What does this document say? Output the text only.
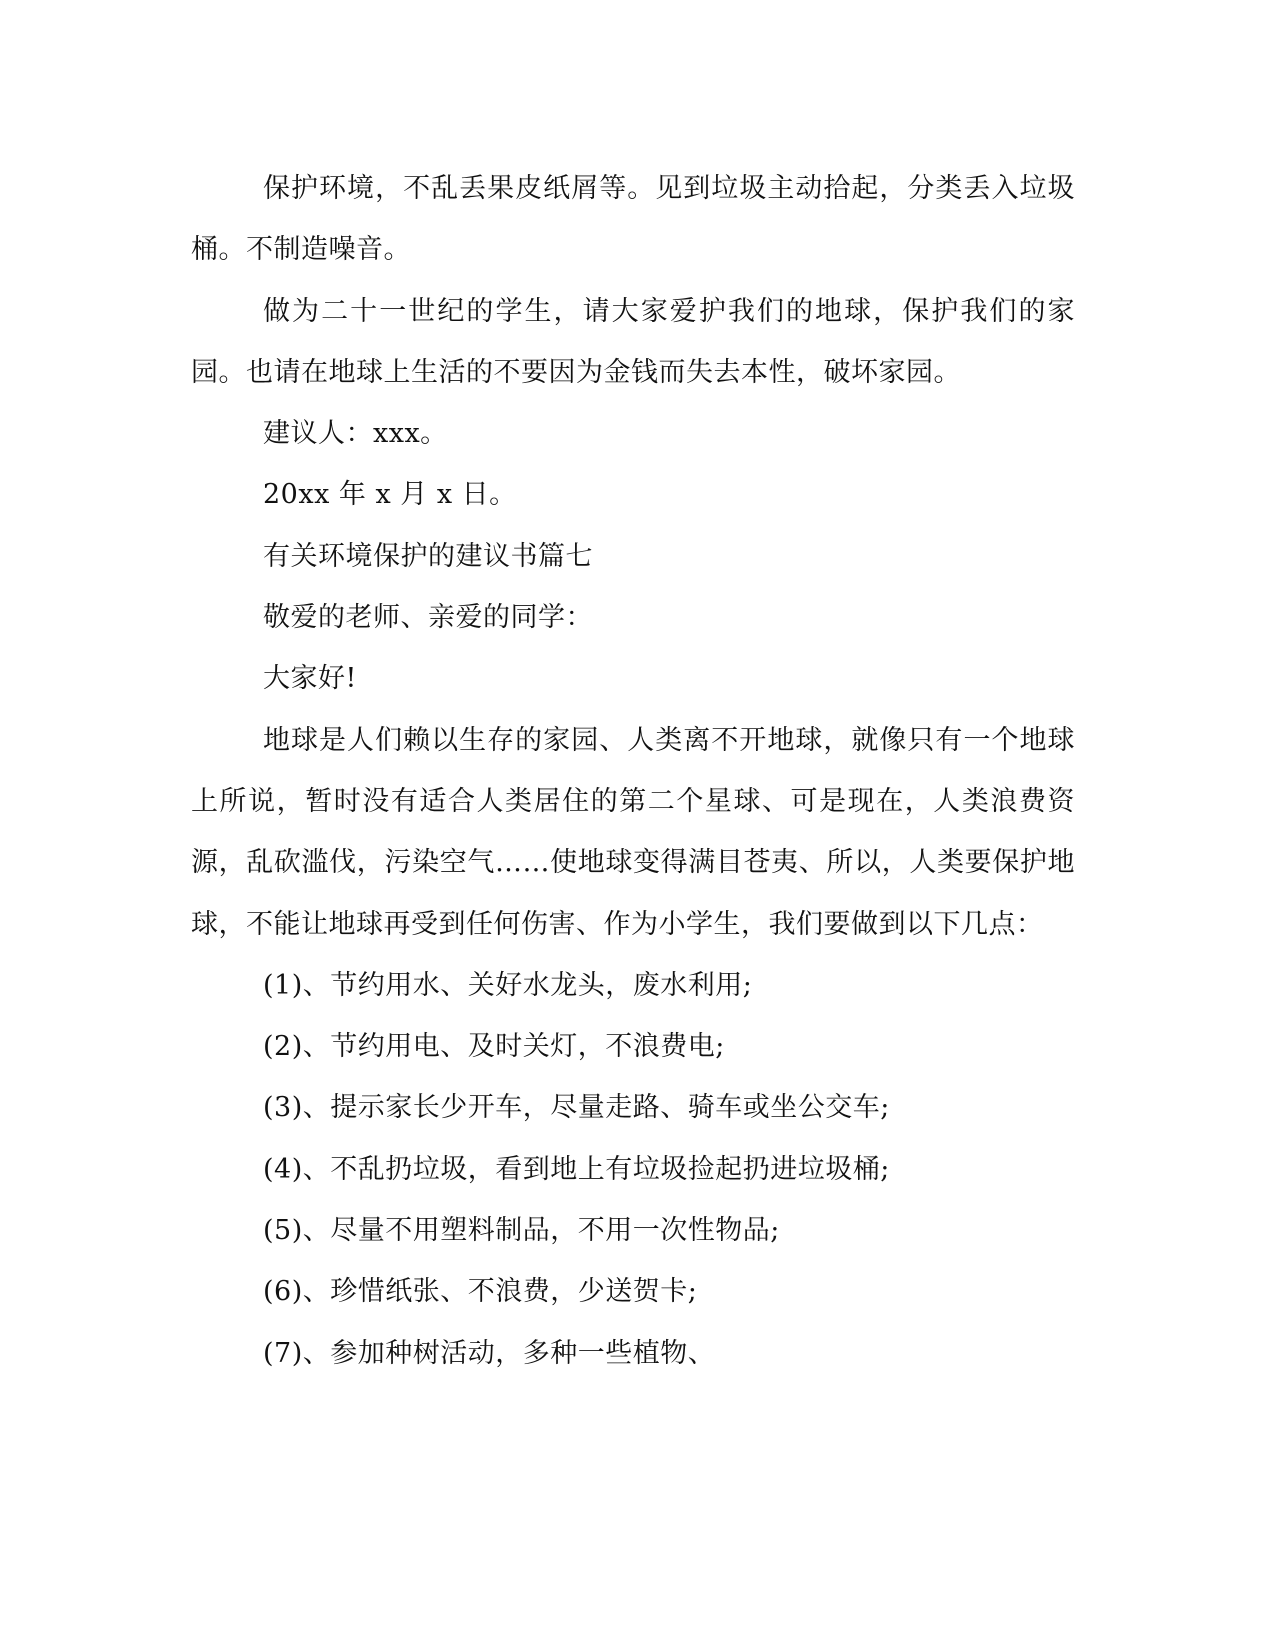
保护环境，不乱丢果皮纸屑等。见到垃圾主动拾起，分类丢入垃圾桶。不制造噪音。

做为二十一世纪的学生，请大家爱护我们的地球，保护我们的家园。也请在地球上生活的不要因为金钱而失去本性，破坏家园。

建议人：xxx。

20xx 年 x 月 x 日。

有关环境保护的建议书篇七

敬爱的老师、亲爱的同学：

大家好!

地球是人们赖以生存的家园、人类离不开地球，就像只有一个地球上所说，暂时没有适合人类居住的第二个星球、可是现在，人类浪费资源，乱砍滥伐，污染空气……使地球变得满目苍夷、所以，人类要保护地球，不能让地球再受到任何伤害、作为小学生，我们要做到以下几点：

(1)、节约用水、关好水龙头，废水利用;

(2)、节约用电、及时关灯，不浪费电;

(3)、提示家长少开车，尽量走路、骑车或坐公交车;

(4)、不乱扔垃圾，看到地上有垃圾捡起扔进垃圾桶;

(5)、尽量不用塑料制品，不用一次性物品;

(6)、珍惜纸张、不浪费，少送贺卡;

(7)、参加种树活动，多种一些植物、
